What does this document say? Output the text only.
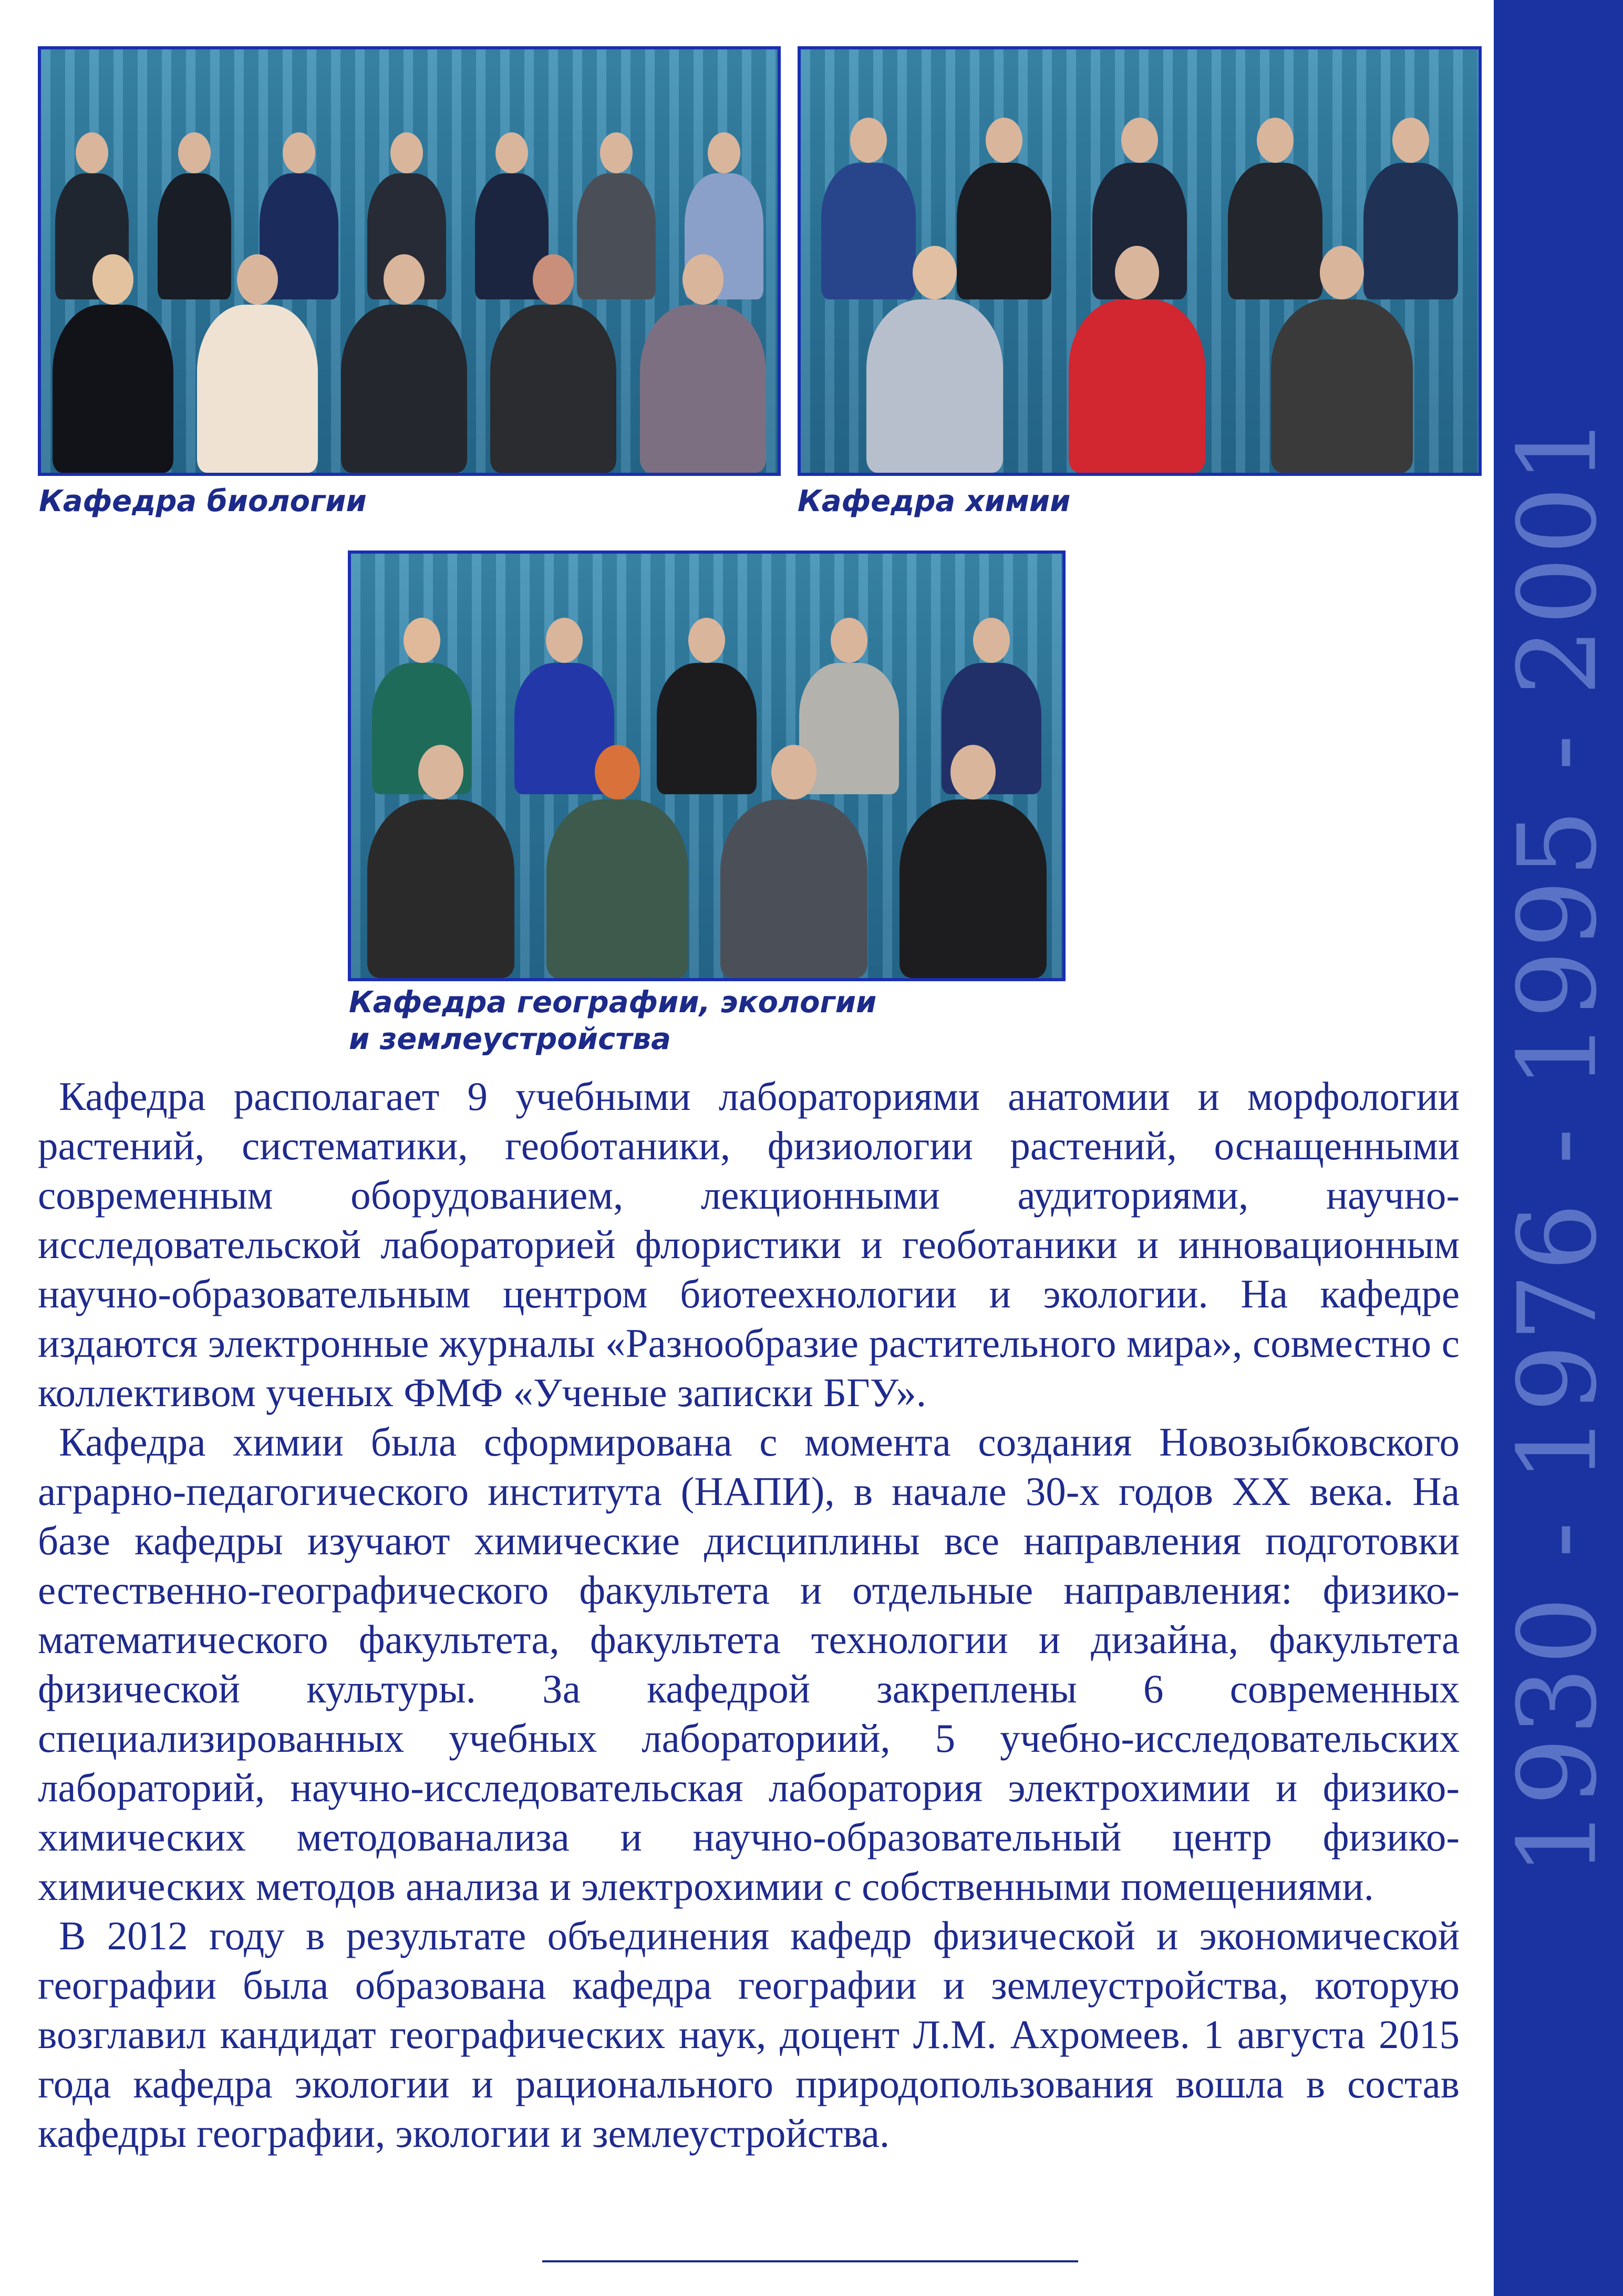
1930 - 1976 - 1995 - 2001
Кафедра биологии	Кафедра химии
Кафедра географии, экологии
и землеустройства

Кафедра располагает 9 учебными лабораториями анатомии и морфологии растений, систематики, геоботаники, физиологии растений, оснащенными современным оборудованием, лекционными аудиториями, научно-исследовательской лабораторией флористики и геоботаники и инновационным научно-образовательным центром биотеехнологии и экологии. На кафедре издаются электронные журналы «Разнообразие растительного мира», совместно с коллективом ученых ФМФ «Ученые записки БГУ».

Кафедра химии была сформирована с момента создания Новозыбковского аграрно-педагогического института (НАПИ), в начале 30-х годов XX века. На базе кафедры изучают химические дисциплины все направления подготовки естественно-географического факультета и отдельные направления: физико-математического факультета, факультета технологии и дизайна, факультета физической культуры. За кафедрой закреплены 6 современных специализированных учебных лабораториий, 5 учебно-исследовательских лабораторий, научно-исследовательская лаборатория электрохимии и физико-химических методованализа и научно-образовательный центр физико-химических методов анализа и электрохимии с собственными помещениями.

В 2012 году в результате объединения кафедр физической и экономической географии была образована кафедра географии и землеустройства, которую возглавил кандидат географических наук, доцент Л.М. Ахромеев. 1 августа 2015 года кафедра экологии и рационального природопользования вошла в состав кафедры географии, экологии и землеустройства.
